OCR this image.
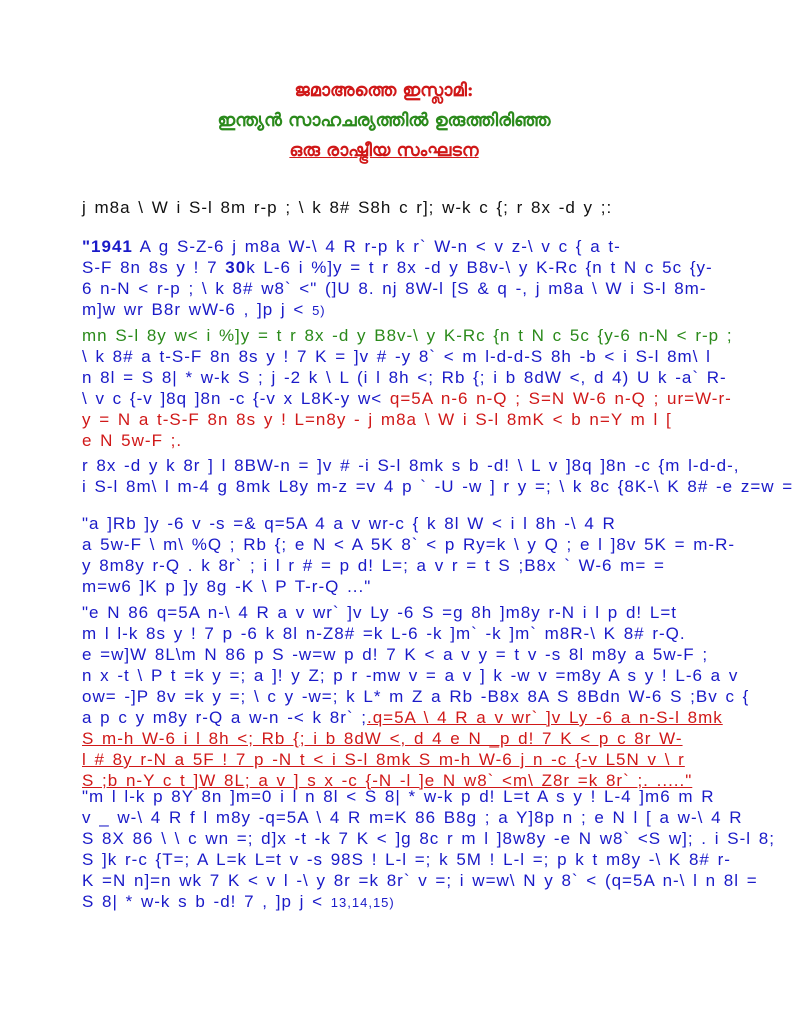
ജമാഅത്തെ ഇസ്ലാമി:
ഇന്ത്യൻ സാഹചര്യത്തിൽ ഉരുത്തിരിഞ്ഞ
ഒരു രാഷ്ട്രീയ സംഘടന
j m8a \ W i S-l 8m r-p ; \ k 8# S8h c r]; w-k c {; r 8x -d y ;:
"1941 A g S-Z-6 j m8a W-\ 4 R r-p k r` W-n < v z-\ v c { a t-
S-F 8n 8s y ! 7 30k L-6 i %]y = t r 8x -d y B8v-\ y K-Rc {n t N c 5c {y-
6 n-N < r-p ; \ k 8# w8` <" (]U 8. nj 8W-l [S & q -, j m8a \ W i S-l 8m-
m]w wr B8r wW-6 , ]p j < 5)
mn S-l 8y w< i %]y = t r 8x -d y B8v-\ y K-Rc {n t N c 5c {y-6 n-N < r-p ;
\ k 8# a t-S-F 8n 8s y ! 7 K = ]v # -y 8` < m l-d-d-S 8h -b < i S-l 8m\ l
n 8l = S 8| * w-k S ; j -2 k \ L (i l 8h <; Rb {; i b 8dW <, d 4) U k -a` R-
\ v c {-v ]8q ]8n -c {-v x L8K-y w< q=5A n-6 n-Q ; S=N W-6 n-Q ; ur=W-r-
y = N a t-S-F 8n 8s y ! L=n8y - j m8a \ W i S-l 8mK < b n=Y m l [
e N 5w-F ;.
r 8x -d y k 8r ] l 8BW-n = ]v # -i S-l 8mk s b -d! \ L v ]8q ]8n -c {m l-d-d-,
i S-l 8m\ l m-4 g 8mk L8y m-z =v 4 p ` -U -w ] r y =; \ k 8c {8K-\ K 8# -e z=w =
"a ]Rb ]y -6 v -s =& q=5A 4 a v wr-c { k 8l W < i l 8h -\ 4 R
a 5w-F \ m\ %Q ; Rb {; e N < A 5K 8` < p Ry=k \ y Q ; e l ]8v 5K = m-R-
y 8m8y r-Q . k 8r` ; i l r # = p d! L=; a v r = t S ;B8x ` W-6 m= =
m=w6 ]K p ]y 8g -K \ P T-r-Q ..."
"e N 86 q=5A n-\ 4 R a v wr` ]v Ly -6 S =g 8h ]m8y r-N i l p d! L=t
m l l-k 8s y ! 7 p -6 k 8l n-Z8# =k L-6 -k ]m` -k ]m` m8R-\ K 8# r-Q.
e =w]W 8L\m N 86 p S -w=w p d! 7 K < a v y = t v -s 8l m8y a 5w-F ;
n x -t \ P t =k y =; a ]! y Z; p r -mw v = a v ] k -w v =m8y A s y ! L-6 a v
ow= -]P 8v =k y =; \ c y -w=; k L* m Z a Rb -B8x 8A S 8Bdn W-6 S ;Bv c {
a p c y m8y r-Q a w-n -< k 8r` ;.q=5A \ 4 R a v wr` ]v Ly -6 a n-S-l 8mk
S m-h W-6 i l 8h <; Rb {; i b 8dW <, d 4 e N _p d! 7 K < p c 8r W-
l # 8y r-N a 5F ! 7 p -N t < i S-l 8mk S m-h W-6 j n -c {-v L5N v \ r
S ;b n-Y c t ]W 8L; a v ] s x -c {-N -l ]e N w8` <m\ Z8r =k 8r` ;. ....."
"m l l-k p 8Y 8n ]m=0 i l n 8l < S 8| * w-k p d! L=t A s y ! L-4 ]m6 m R
v _ w-\ 4 R f l m8y -q=5A \ 4 R m=K 86 B8g ; a Y]8p n ; e N l [ a w-\ 4 R
S 8X 86 \ \ c wn =; d]x -t -k 7 K < ]g 8c r m l ]8w8y -e N w8` <S w]; . i S-l 8;
S ]k r-c {T=; A L=k L=t v -s 98S ! L-l =; k 5M ! L-l =; p k t m8y -\ K 8# r-
K =N n]=n wk 7 K < v l -\ y 8r =k 8r` v =; i w=w\ N y 8` < (q=5A n-\ l n 8l =
S 8| * w-k s b -d! 7 , ]p j < 13,14,15)
